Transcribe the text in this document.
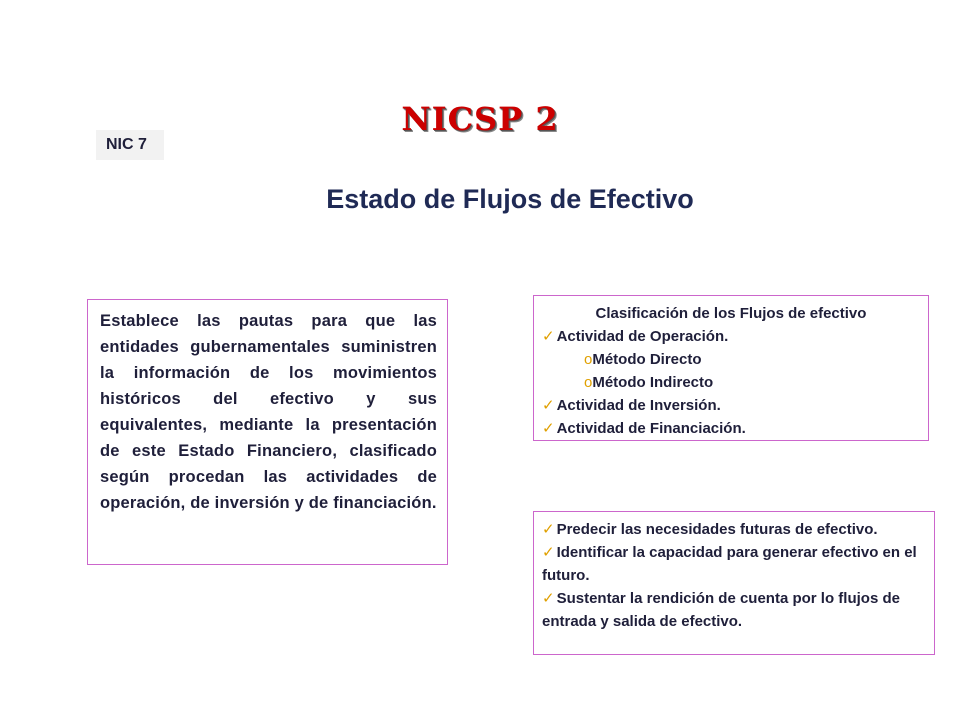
NICSP 2
NIC 7
Estado de Flujos de Efectivo
Establece las pautas para que las entidades gubernamentales suministren la información de los movimientos históricos del efectivo y sus equivalentes, mediante la presentación de este Estado Financiero, clasificado según procedan las actividades de operación, de inversión y de financiación.
Clasificación de los Flujos de efectivo
✓ Actividad de Operación.
oMétodo Directo
oMétodo Indirecto
✓ Actividad de Inversión.
✓ Actividad de Financiación.
✓ Predecir las necesidades futuras de efectivo.
✓ Identificar la capacidad para generar efectivo en el futuro.
✓ Sustentar la rendición de cuenta por lo flujos de entrada y salida de efectivo.
